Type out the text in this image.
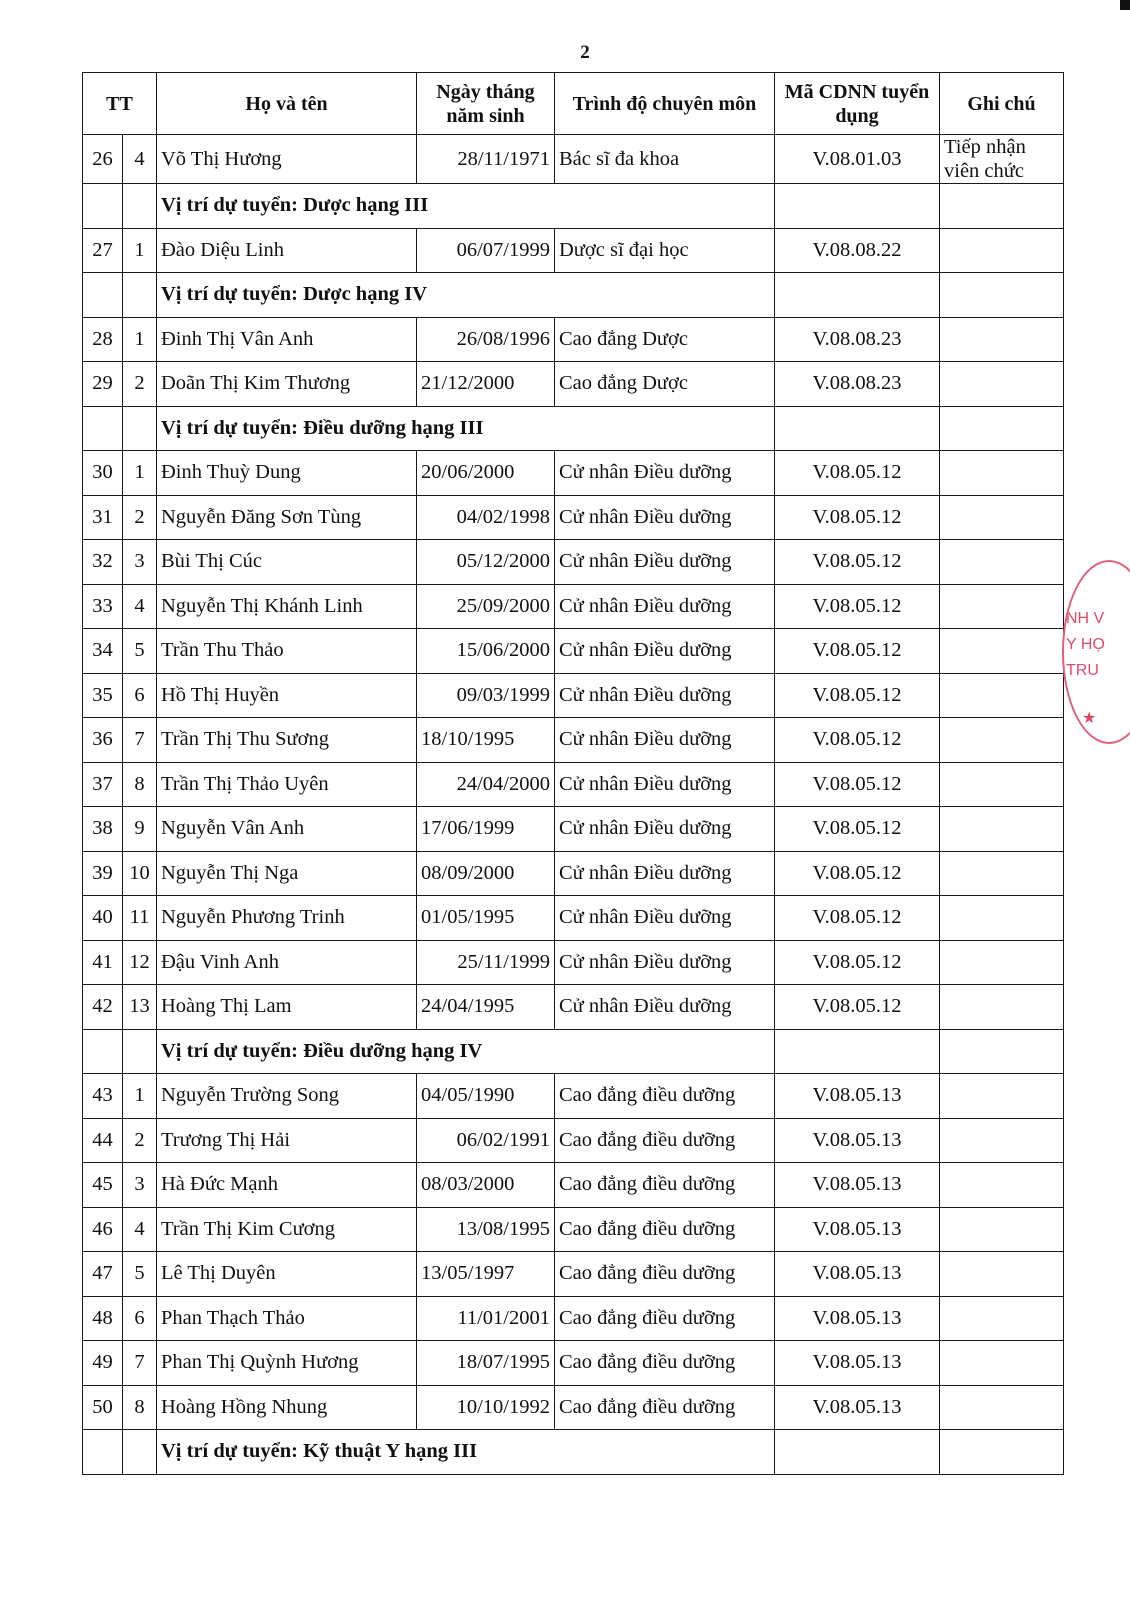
2
TT		Họ và tên	Ngày tháng năm sinh	Trình độ chuyên môn	Mã CDNN tuyển dụng	Ghi chú
26	4	Võ Thị Hương	28/11/1971	Bác sĩ đa khoa	V.08.01.03	Tiếp nhận viên chức
		Vị trí dự tuyển: Dược hạng III				
27	1	Đào Diệu Linh	06/07/1999	Dược sĩ đại học	V.08.08.22	
		Vị trí dự tuyển: Dược hạng IV				
28	1	Đinh Thị Vân Anh	26/08/1996	Cao đẳng Dược	V.08.08.23	
29	2	Doãn Thị Kim Thương	21/12/2000	Cao đẳng Dược	V.08.08.23	
		Vị trí dự tuyển: Điều dưỡng hạng III				
30	1	Đinh Thuỳ Dung	20/06/2000	Cử nhân Điều dưỡng	V.08.05.12	
31	2	Nguyễn Đăng Sơn Tùng	04/02/1998	Cử nhân Điều dưỡng	V.08.05.12	
32	3	Bùi Thị Cúc	05/12/2000	Cử nhân Điều dưỡng	V.08.05.12	
33	4	Nguyễn Thị Khánh Linh	25/09/2000	Cử nhân Điều dưỡng	V.08.05.12	
34	5	Trần Thu Thảo	15/06/2000	Cử nhân Điều dưỡng	V.08.05.12	
35	6	Hồ Thị Huyền	09/03/1999	Cử nhân Điều dưỡng	V.08.05.12	
36	7	Trần Thị Thu Sương	18/10/1995	Cử nhân Điều dưỡng	V.08.05.12	
37	8	Trần Thị Thảo Uyên	24/04/2000	Cử nhân Điều dưỡng	V.08.05.12	
38	9	Nguyễn Vân Anh	17/06/1999	Cử nhân Điều dưỡng	V.08.05.12	
39	10	Nguyễn Thị Nga	08/09/2000	Cử nhân Điều dưỡng	V.08.05.12	
40	11	Nguyễn Phương Trinh	01/05/1995	Cử nhân Điều dưỡng	V.08.05.12	
41	12	Đậu Vinh Anh	25/11/1999	Cử nhân Điều dưỡng	V.08.05.12	
42	13	Hoàng Thị Lam	24/04/1995	Cử nhân Điều dưỡng	V.08.05.12	
		Vị trí dự tuyển: Điều dưỡng hạng IV				
43	1	Nguyễn Trường Song	04/05/1990	Cao đẳng điều dưỡng	V.08.05.13	
44	2	Trương Thị Hải	06/02/1991	Cao đẳng điều dưỡng	V.08.05.13	
45	3	Hà Đức Mạnh	08/03/2000	Cao đẳng điều dưỡng	V.08.05.13	
46	4	Trần Thị Kim Cương	13/08/1995	Cao đẳng điều dưỡng	V.08.05.13	
47	5	Lê Thị Duyên	13/05/1997	Cao đẳng điều dưỡng	V.08.05.13	
48	6	Phan Thạch Thảo	11/01/2001	Cao đẳng điều dưỡng	V.08.05.13	
49	7	Phan Thị Quỳnh Hương	18/07/1995	Cao đẳng điều dưỡng	V.08.05.13	
50	8	Hoàng Hồng Nhung	10/10/1992	Cao đẳng điều dưỡng	V.08.05.13	
		Vị trí dự tuyển: Kỹ thuật Y hạng III				
TỈ
NH V
Y HỌ
TRU
★
